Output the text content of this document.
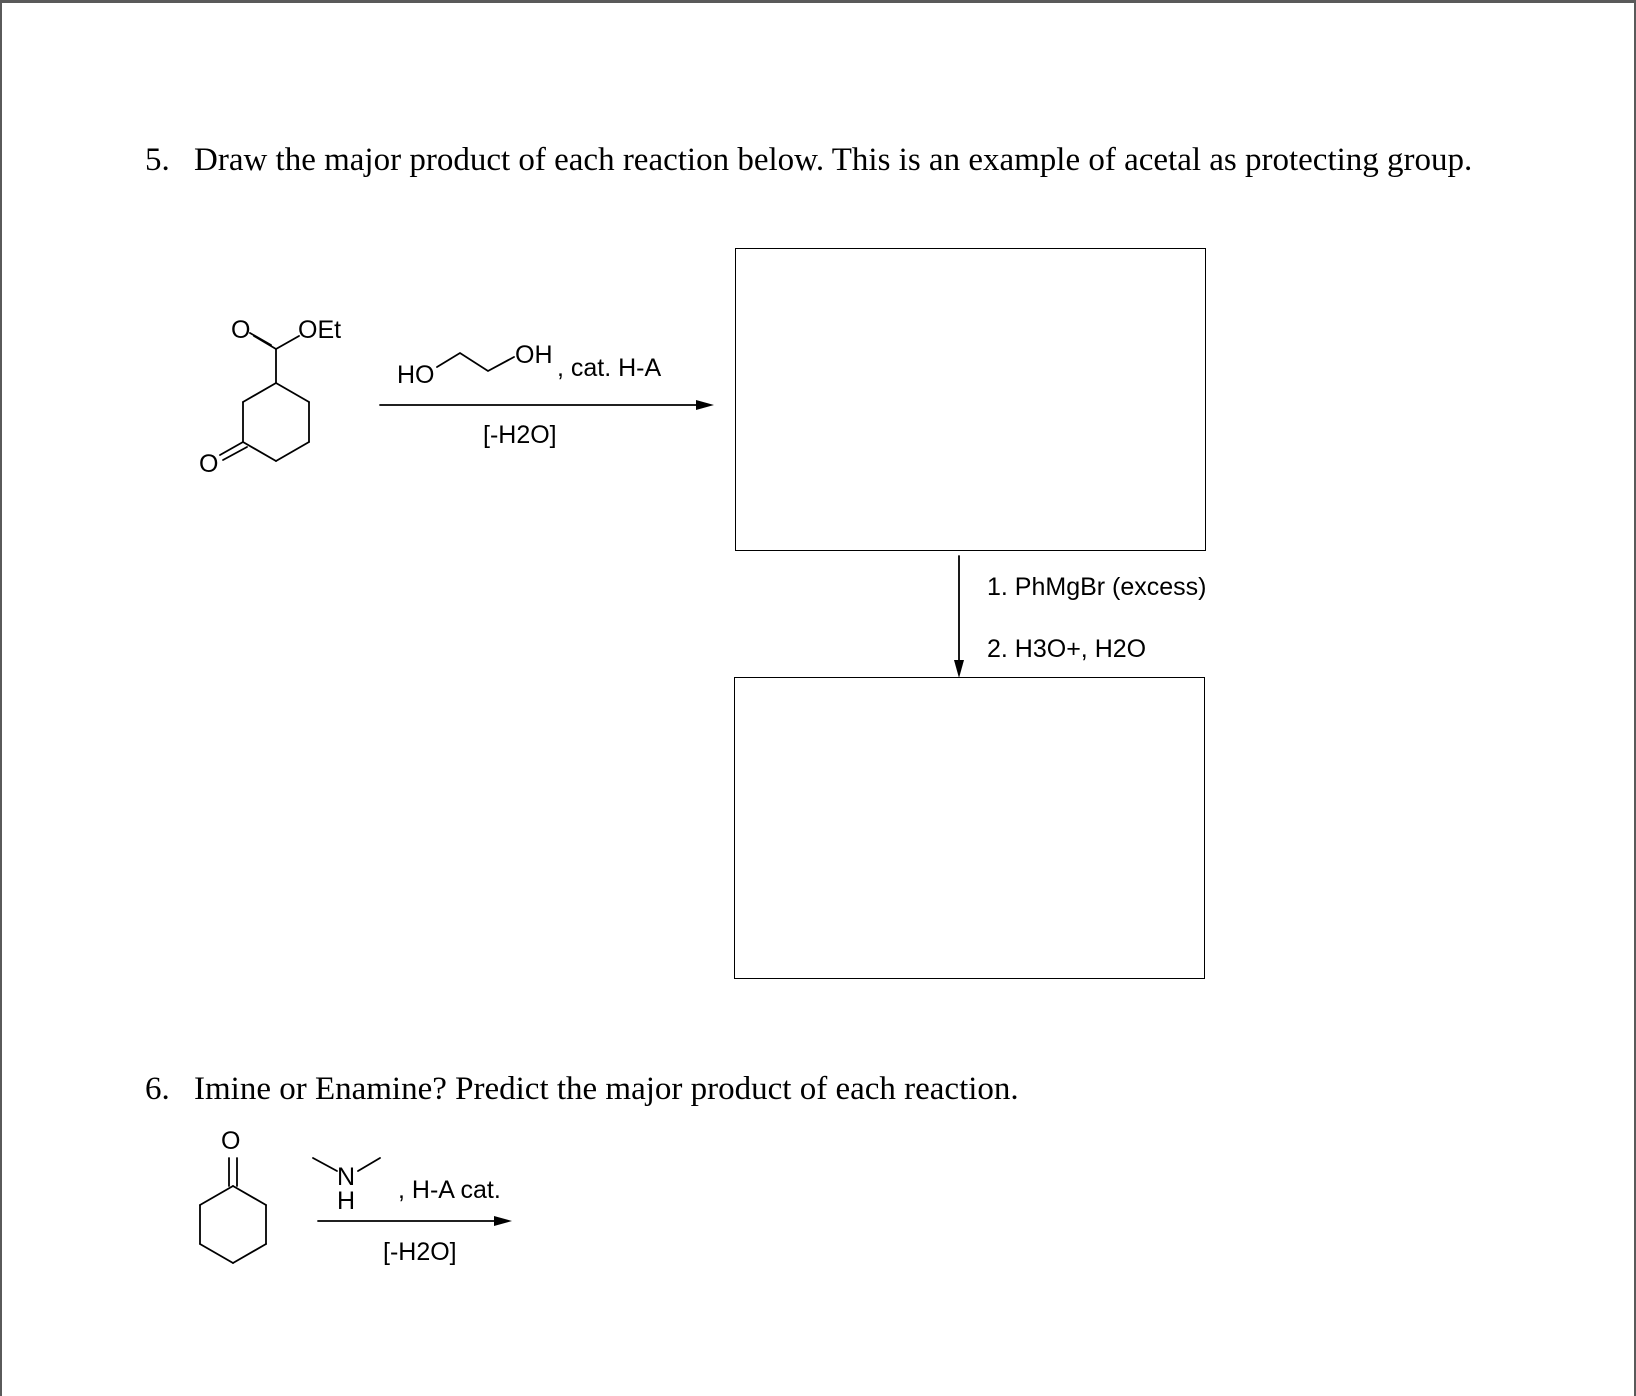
5. Draw the major product of each reaction below. This is an example of acetal as protecting group.
6. Imine or Enamine? Predict the major product of each reaction.
O OEt
O
HO
OH , cat. H-A
[-H2O]
1. PhMgBr (excess)
2. H3O+, H2O
O
N
H , H-A cat.
[-H2O]
